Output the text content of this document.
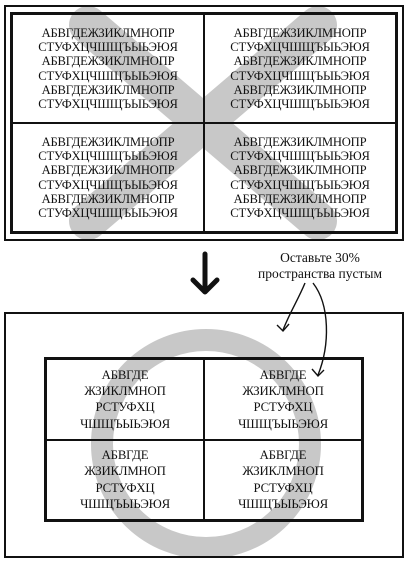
АБВГДЕЖЗИКЛМНОПР
СТУФХЦЧШЩЪЫЬЭЮЯ
АБВГДЕЖЗИКЛМНОПР
СТУФХЦЧШЩЪЫЬЭЮЯ
АБВГДЕЖЗИКЛМНОПР
СТУФХЦЧШЩЪЫЬЭЮЯ
АБВГДЕЖЗИКЛМНОПР
СТУФХЦЧШЩЪЫЬЭЮЯ
АБВГДЕЖЗИКЛМНОПР
СТУФХЦЧШЩЪЫЬЭЮЯ
АБВГДЕЖЗИКЛМНОПР
СТУФХЦЧШЩЪЫЬЭЮЯ
АБВГДЕЖЗИКЛМНОПР
СТУФХЦЧШЩЪЫЬЭЮЯ
АБВГДЕЖЗИКЛМНОПР
СТУФХЦЧШЩЪЫЬЭЮЯ
АБВГДЕЖЗИКЛМНОПР
СТУФХЦЧШЩЪЫЬЭЮЯ
АБВГДЕЖЗИКЛМНОПР
СТУФХЦЧШЩЪЫЬЭЮЯ
АБВГДЕЖЗИКЛМНОПР
СТУФХЦЧШЩЪЫЬЭЮЯ
АБВГДЕЖЗИКЛМНОПР
СТУФХЦЧШЩЪЫЬЭЮЯ
Оставьте 30%
пространства пустым
АБВГДЕ
ЖЗИКЛМНОП
РСТУФХЦ
ЧШЩЪЫЬЭЮЯ
АБВГДЕ
ЖЗИКЛМНОП
РСТУФХЦ
ЧШЩЪЫЬЭЮЯ
АБВГДЕ
ЖЗИКЛМНОП
РСТУФХЦ
ЧШЩЪЫЬЭЮЯ
АБВГДЕ
ЖЗИКЛМНОП
РСТУФХЦ
ЧШЩЪЫЬЭЮЯ
